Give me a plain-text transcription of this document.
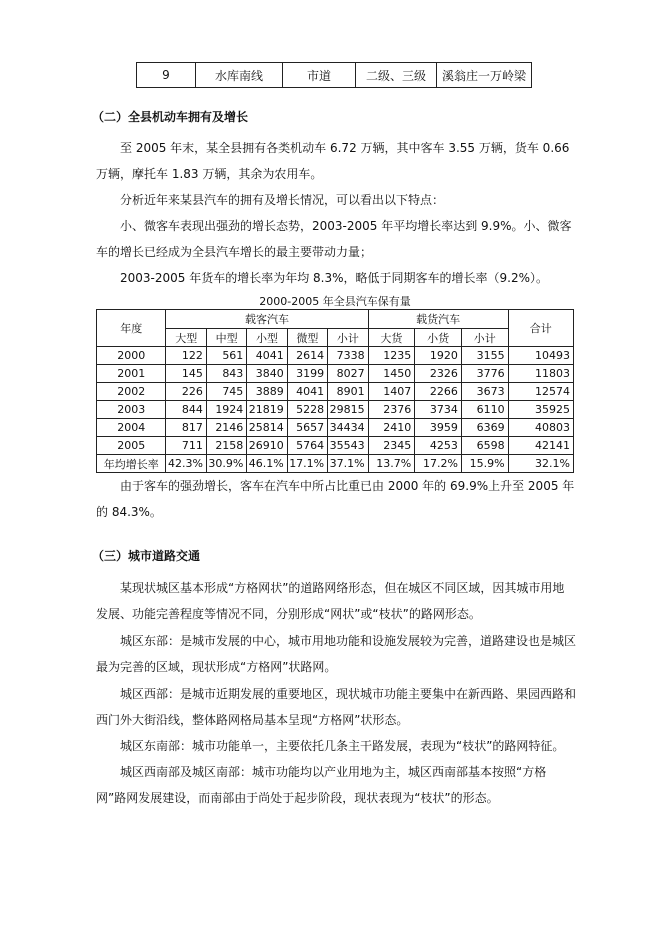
9	水库南线	市道	二级、三级	溪翁庄一万岭梁
（二）全县机动车拥有及增长
至 2005 年末，某全县拥有各类机动车 6.72 万辆，其中客车 3.55 万辆，货车 0.66 万辆，摩托车 1.83 万辆，其余为农用车。
分析近年来某县汽车的拥有及增长情况，可以看出以下特点：
小、微客车表现出强劲的增长态势，2003-2005 年平均增长率达到 9.9%。小、微客车的增长已经成为全县汽车增长的最主要带动力量；
2003-2005 年货车的增长率为年均 8.3%，略低于同期客车的增长率（9.2%）。
2000-2005 年全县汽车保有量
年度	载客汽车					载货汽车			合计
	大型	中型	小型	微型	小计	大货	小货	小计	
2000	122	561	4041	2614	7338	1235	1920	3155	10493
2001	145	843	3840	3199	8027	1450	2326	3776	11803
2002	226	745	3889	4041	8901	1407	2266	3673	12574
2003	844	1924	21819	5228	29815	2376	3734	6110	35925
2004	817	2146	25814	5657	34434	2410	3959	6369	40803
2005	711	2158	26910	5764	35543	2345	4253	6598	42141
年均增长率	42.3%	30.9%	46.1%	17.1%	37.1%	13.7%	17.2%	15.9%	32.1%
由于客车的强劲增长，客车在汽车中所占比重已由 2000 年的 69.9%上升至 2005 年的 84.3%。
（三）城市道路交通
某现状城区基本形成“方格网状”的道路网络形态，但在城区不同区域，因其城市用地发展、功能完善程度等情况不同，分别形成“网状”或“枝状”的路网形态。
城区东部：是城市发展的中心，城市用地功能和设施发展较为完善，道路建设也是城区最为完善的区域，现状形成“方格网”状路网。
城区西部：是城市近期发展的重要地区，现状城市功能主要集中在新西路、果园西路和西门外大街沿线，整体路网格局基本呈现“方格网”状形态。
城区东南部：城市功能单一，主要依托几条主干路发展，表现为“枝状”的路网特征。
城区西南部及城区南部：城市功能均以产业用地为主，城区西南部基本按照“方格网”路网发展建设，而南部由于尚处于起步阶段，现状表现为“枝状”的形态。
